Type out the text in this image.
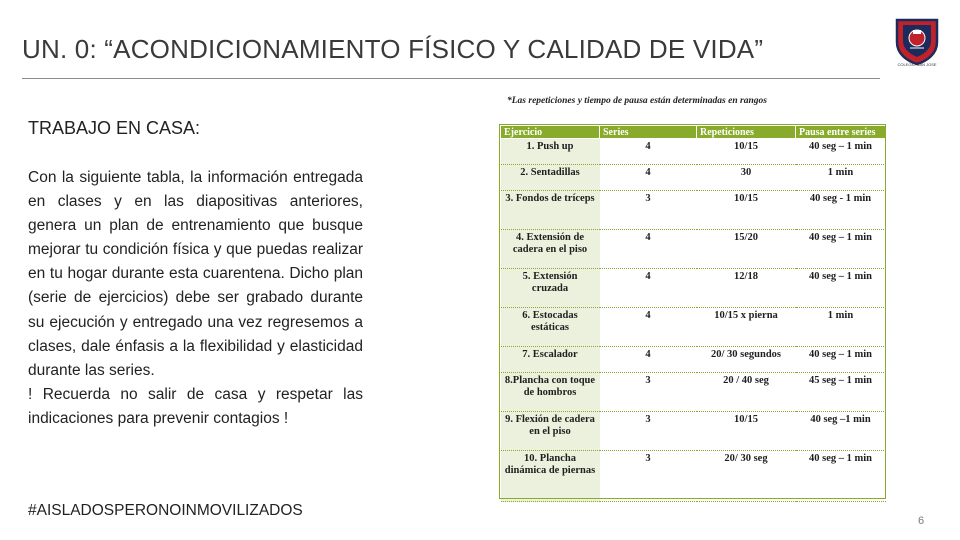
UN. 0: “ACONDICIONAMIENTO FÍSICO Y CALIDAD DE VIDA”
COLEGIO SAN JOSE
TRABAJO EN CASA:

Con la siguiente tabla, la información entregada en clases y en las diapositivas anteriores, genera un plan de entrenamiento que busque mejorar tu condición física y que puedas realizar en tu hogar durante esta cuarentena. Dicho plan (serie de ejercicios) debe ser grabado durante su ejecución y entregado una vez regresemos a clases, dale énfasis a la flexibilidad y elasticidad durante las series.

! Recuerda no salir de casa y respetar las indicaciones para prevenir contagios !

#AISLADOSPERONOINMOVILIZADOS
*Las repeticiones y tiempo de pausa están determinadas en rangos
Ejercicio	Series	Repeticiones	Pausa entre series
1. Push up	4	10/15	40 seg – 1 min
2. Sentadillas	4	30	1 min
3. Fondos de tríceps	3	10/15	40 seg - 1 min
4. Extensión de cadera en el piso	4	15/20	40 seg – 1 min
5. Extensión cruzada	4	12/18	40 seg – 1 min
6. Estocadas estáticas	4	10/15 x pierna	1 min
7. Escalador	4	20/ 30 segundos	40 seg – 1 min
8.Plancha con toque de hombros	3	20 / 40 seg	45 seg – 1 min
9. Flexión de cadera en el piso	3	10/15	40 seg –1 min
10. Plancha dinámica de piernas	3	20/ 30 seg	40 seg – 1 min
6
